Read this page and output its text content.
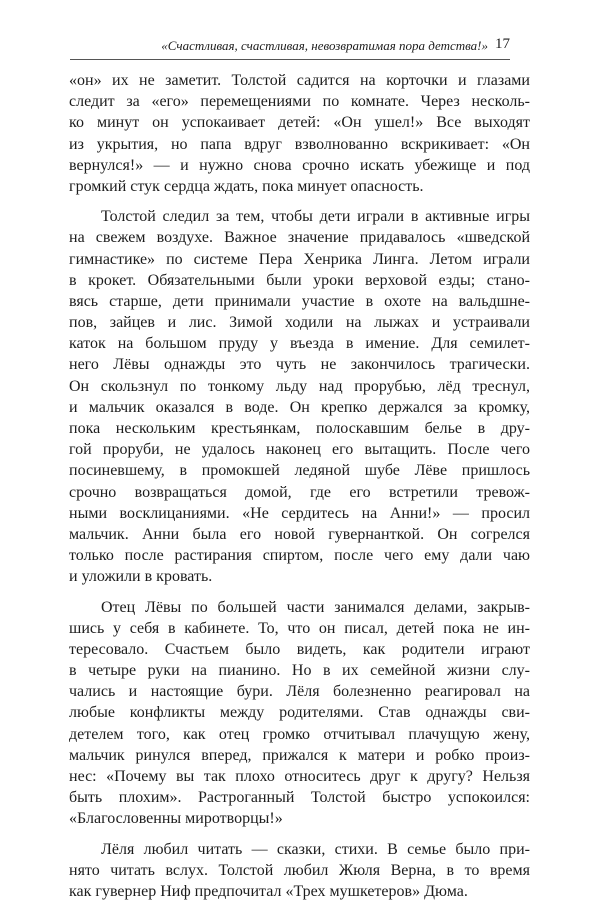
«Счастливая, счастливая, невозвратимая пора детства!» 17
«он» их не заметит. Толстой садится на корточки и глазами
следит за «его» перемещениями по комнате. Через несколь-
ко минут он успокаивает детей: «Он ушел!» Все выходят
из укрытия, но папа вдруг взволнованно вскрикивает: «Он
вернулся!» — и нужно снова срочно искать убежище и под
громкий стук сердца ждать, пока минует опасность.
Толстой следил за тем, чтобы дети играли в активные игры
на свежем воздухе. Важное значение придавалось «шведской
гимнастике» по системе Пера Хенрика Линга. Летом играли
в крокет. Обязательными были уроки верховой езды; стано-
вясь старше, дети принимали участие в охоте на вальдшне-
пов, зайцев и лис. Зимой ходили на лыжах и устраивали
каток на большом пруду у въезда в имение. Для семилет-
него Лёвы однажды это чуть не закончилось трагически.
Он скользнул по тонкому льду над прорубью, лёд треснул,
и мальчик оказался в воде. Он крепко держался за кромку,
пока нескольким крестьянкам, полоскавшим белье в дру-
гой проруби, не удалось наконец его вытащить. После чего
посиневшему, в промокшей ледяной шубе Лёве пришлось
срочно возвращаться домой, где его встретили тревож-
ными восклицаниями. «Не сердитесь на Анни!» — просил
мальчик. Анни была его новой гувернанткой. Он согрелся
только после растирания спиртом, после чего ему дали чаю
и уложили в кровать.
Отец Лёвы по большей части занимался делами, закрыв-
шись у себя в кабинете. То, что он писал, детей пока не ин-
тересовало. Счастьем было видеть, как родители играют
в четыре руки на пианино. Но в их семейной жизни слу-
чались и настоящие бури. Лёля болезненно реагировал на
любые конфликты между родителями. Став однажды сви-
детелем того, как отец громко отчитывал плачущую жену,
мальчик ринулся вперед, прижался к матери и робко произ-
нес: «Почему вы так плохо относитесь друг к другу? Нельзя
быть плохим». Растроганный Толстой быстро успокоился:
«Благословенны миротворцы!»
Лёля любил читать — сказки, стихи. В семье было при-
нято читать вслух. Толстой любил Жюля Верна, в то время
как гувернер Ниф предпочитал «Трех мушкетеров» Дюма.
